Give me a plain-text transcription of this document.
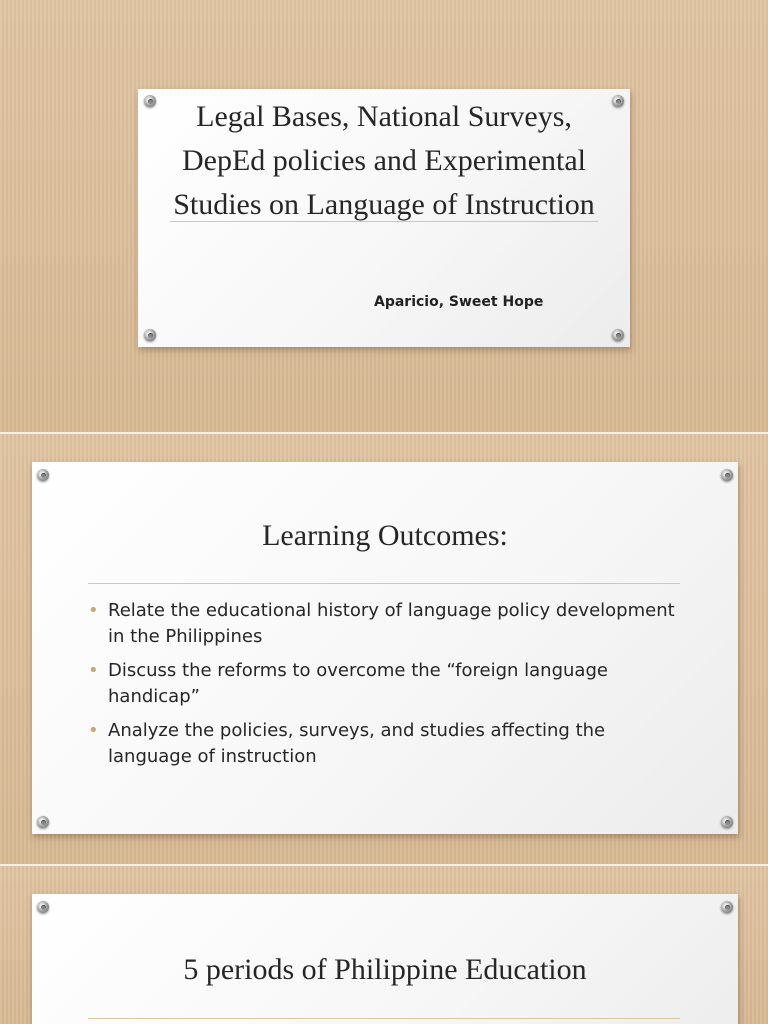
Legal Bases, National Surveys, DepEd policies and Experimental Studies on Language of Instruction
Aparicio, Sweet Hope
Learning Outcomes:
• Relate the educational history of language policy development in the Philippines
• Discuss the reforms to overcome the “foreign language handicap”
• Analyze the policies, surveys, and studies affecting the language of instruction
5 periods of Philippine Education
